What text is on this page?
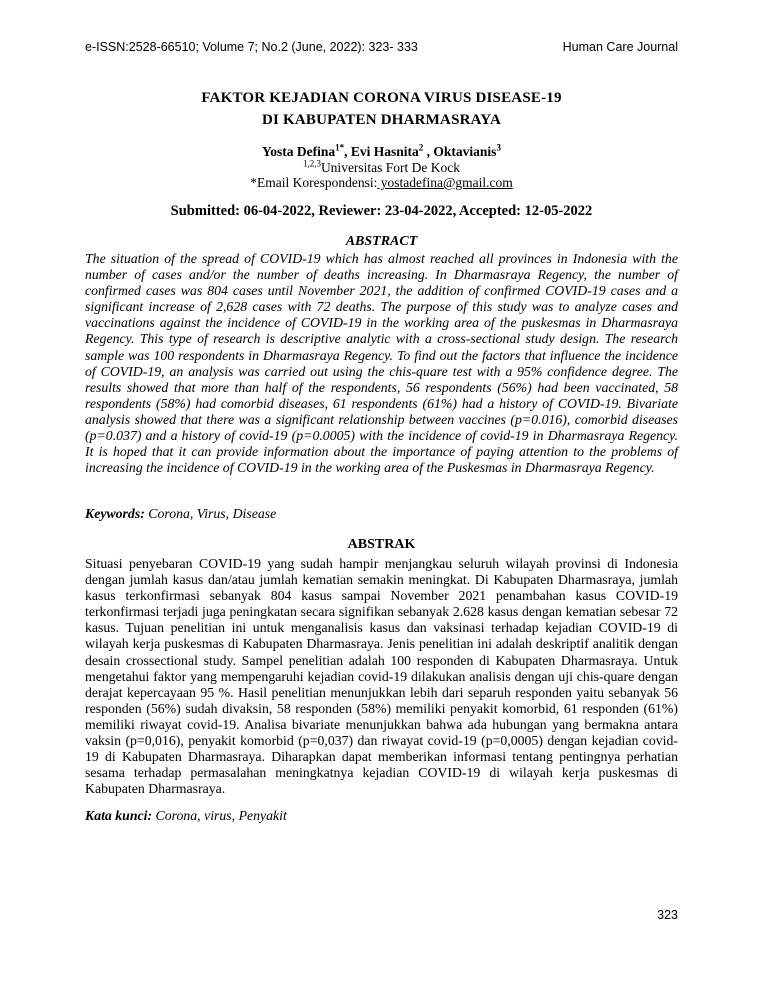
e-ISSN:2528-66510; Volume 7; No.2 (June, 2022): 323- 333	Human Care Journal
FAKTOR KEJADIAN CORONA VIRUS DISEASE-19
DI KABUPATEN DHARMASRAYA
Yosta Defina$^{1*}$, Evi Hasnita$^2$ , Oktavianis$^3$
$^{1,2,3}$Universitas Fort De Kock
*Email Korespondensi: yostadefina@gmail.com
Submitted: 06-04-2022, Reviewer: 23-04-2022, Accepted: 12-05-2022
ABSTRACT
The situation of the spread of COVID-19 which has almost reached all provinces in Indonesia with the number of cases and/or the number of deaths increasing. In Dharmasraya Regency, the number of confirmed cases was 804 cases until November 2021, the addition of confirmed COVID-19 cases and a significant increase of 2,628 cases with 72 deaths. The purpose of this study was to analyze cases and vaccinations against the incidence of COVID-19 in the working area of the puskesmas in Dharmasraya Regency. This type of research is descriptive analytic with a cross-sectional study design. The research sample was 100 respondents in Dharmasraya Regency. To find out the factors that influence the incidence of COVID-19, an analysis was carried out using the chis-quare test with a 95% confidence degree. The results showed that more than half of the respondents, 56 respondents (56%) had been vaccinated, 58 respondents (58%) had comorbid diseases, 61 respondents (61%) had a history of COVID-19. Bivariate analysis showed that there was a significant relationship between vaccines (p=0.016), comorbid diseases (p=0.037) and a history of covid-19 (p=0.0005) with the incidence of covid-19 in Dharmasraya Regency. It is hoped that it can provide information about the importance of paying attention to the problems of increasing the incidence of COVID-19 in the working area of the Puskesmas in Dharmasraya Regency.
Keywords: Corona, Virus, Disease
ABSTRAK
Situasi penyebaran COVID-19 yang sudah hampir menjangkau seluruh wilayah provinsi di Indonesia dengan jumlah kasus dan/atau jumlah kematian semakin meningkat. Di Kabupaten Dharmasraya, jumlah kasus terkonfirmasi sebanyak 804 kasus sampai November 2021 penambahan kasus COVID-19 terkonfirmasi terjadi juga peningkatan secara signifikan sebanyak 2.628 kasus dengan kematian sebesar 72 kasus. Tujuan penelitian ini untuk menganalisis kasus dan vaksinasi terhadap kejadian COVID-19 di wilayah kerja puskesmas di Kabupaten Dharmasraya. Jenis penelitian ini adalah deskriptif analitik dengan desain crossectional study. Sampel penelitian adalah 100 responden di Kabupaten Dharmasraya. Untuk mengetahui faktor yang mempengaruhi kejadian covid-19 dilakukan analisis dengan uji chis-quare dengan derajat kepercayaan 95 %. Hasil penelitian menunjukkan lebih dari separuh responden yaitu sebanyak 56 responden (56%) sudah divaksin, 58 responden (58%) memiliki penyakit komorbid, 61 responden (61%) memiliki riwayat covid-19. Analisa bivariate menunjukkan bahwa ada hubungan yang bermakna antara vaksin (p=0,016), penyakit komorbid (p=0,037) dan riwayat covid-19 (p=0,0005) dengan kejadian covid-19 di Kabupaten Dharmasraya. Diharapkan dapat memberikan informasi tentang pentingnya perhatian sesama terhadap permasalahan meningkatnya kejadian COVID-19 di wilayah kerja puskesmas di Kabupaten Dharmasraya.
Kata kunci: Corona, virus, Penyakit
323
